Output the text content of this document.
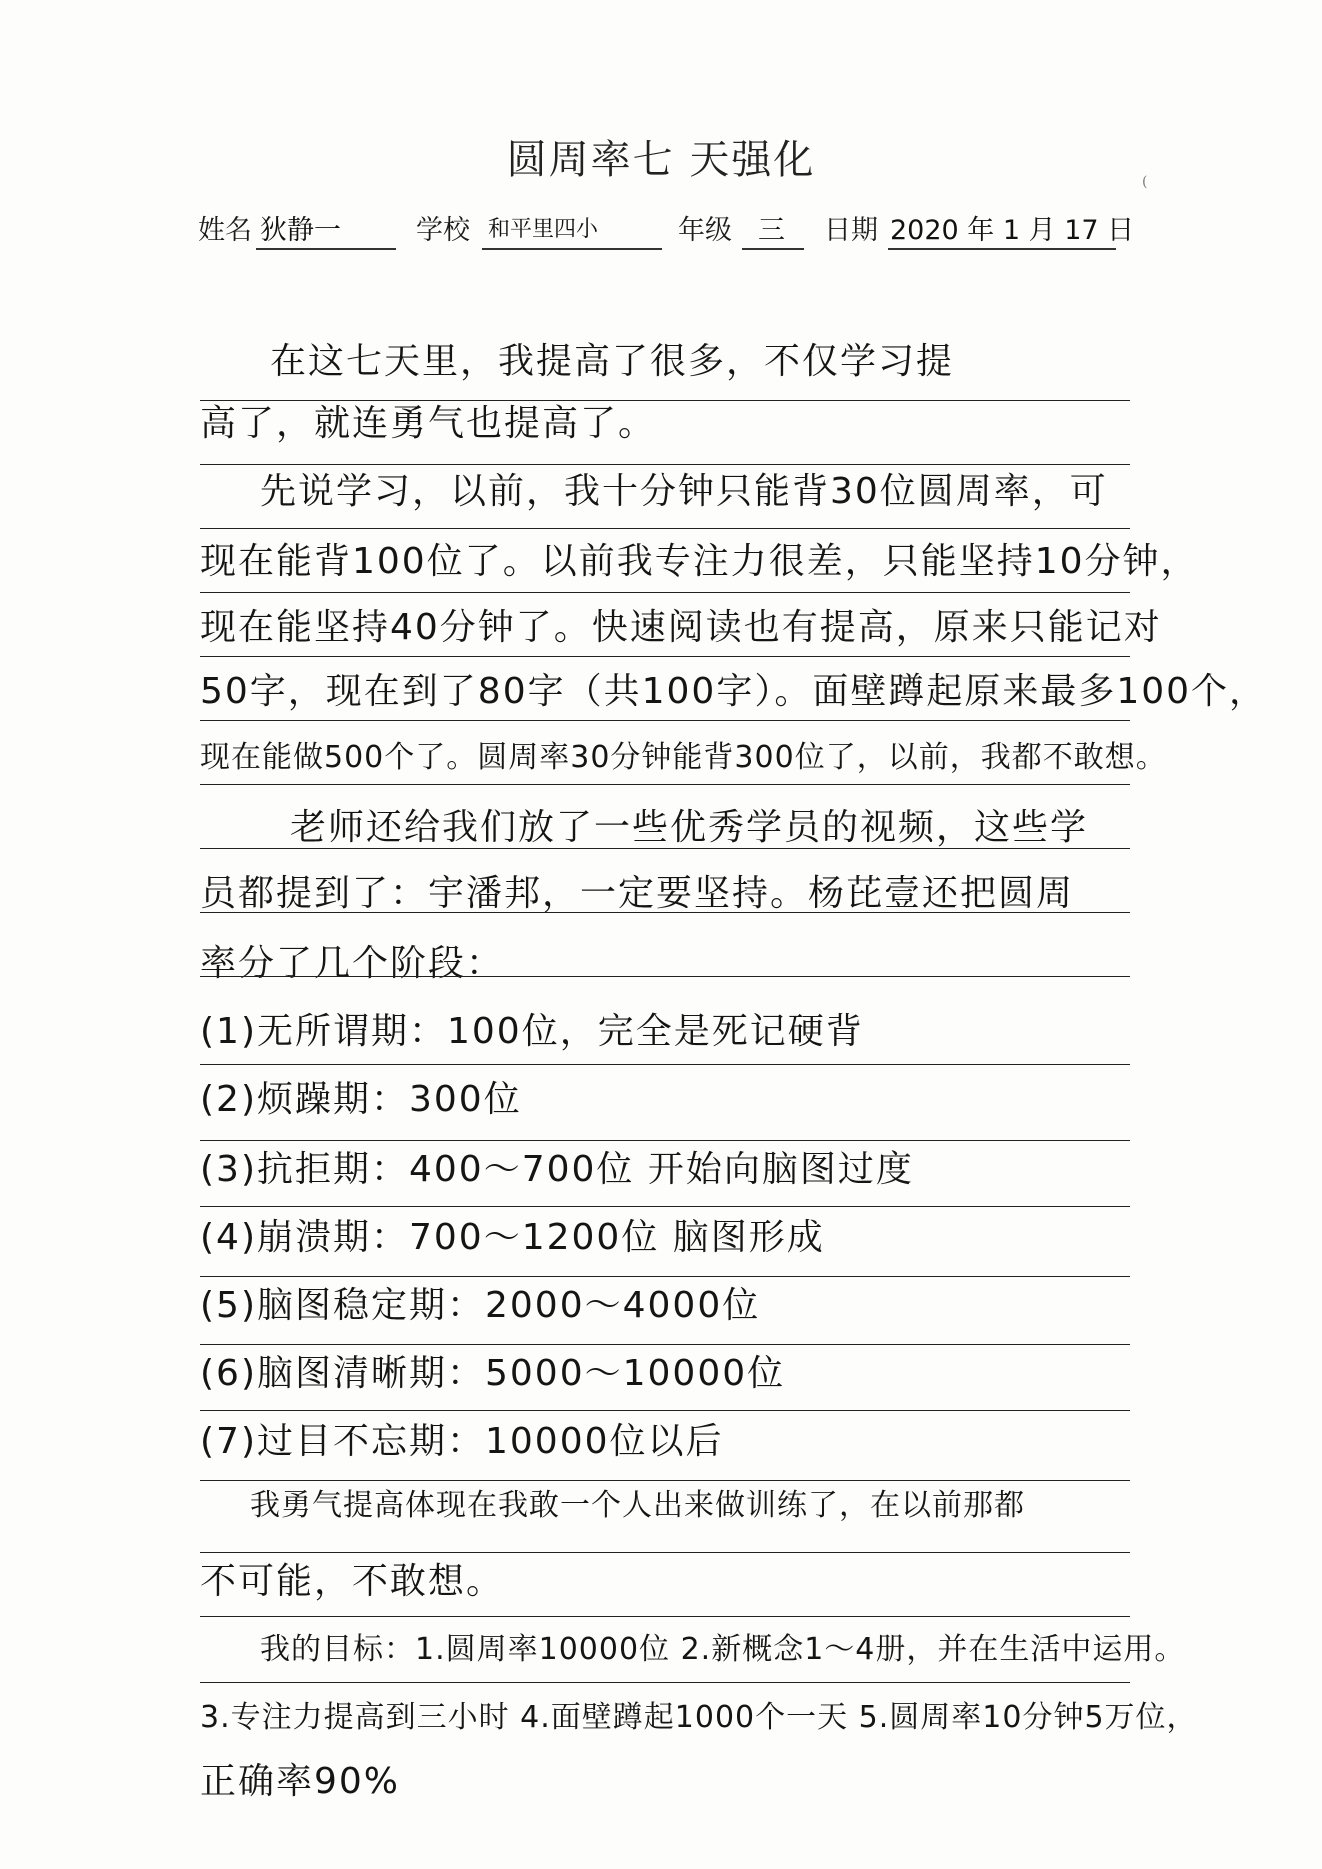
圆周率七 天强化	(
姓名 狄静一	学校 和平里四小	年级 三 日期 2020 年 1 月 17 日
在这七天里，我提高了很多，不仅学习提
高了，就连勇气也提高了。
先说学习，以前，我十分钟只能背30位圆周率，可
现在能背100位了。以前我专注力很差，只能坚持10分钟，
现在能坚持40分钟了。快速阅读也有提高，原来只能记对
50字，现在到了80字（共100字）。面壁蹲起原来最多100个，
现在能做500个了。圆周率30分钟能背300位了，以前，我都不敢想。
老师还给我们放了一些优秀学员的视频，这些学
员都提到了：宇潘邦，一定要坚持。杨芘壹还把圆周
率分了几个阶段：
(1)无所谓期：100位，完全是死记硬背
(2)烦躁期：300位
(3)抗拒期：400～700位 开始向脑图过度
(4)崩溃期：700～1200位 脑图形成
(5)脑图稳定期：2000～4000位
(6)脑图清晰期：5000～10000位
(7)过目不忘期：10000位以后
我勇气提高体现在我敢一个人出来做训练了，在以前那都
不可能，不敢想。
我的目标：1.圆周率10000位 2.新概念1～4册，并在生活中运用。
3.专注力提高到三小时 4.面壁蹲起1000个一天 5.圆周率10分钟5万位，
正确率90%
